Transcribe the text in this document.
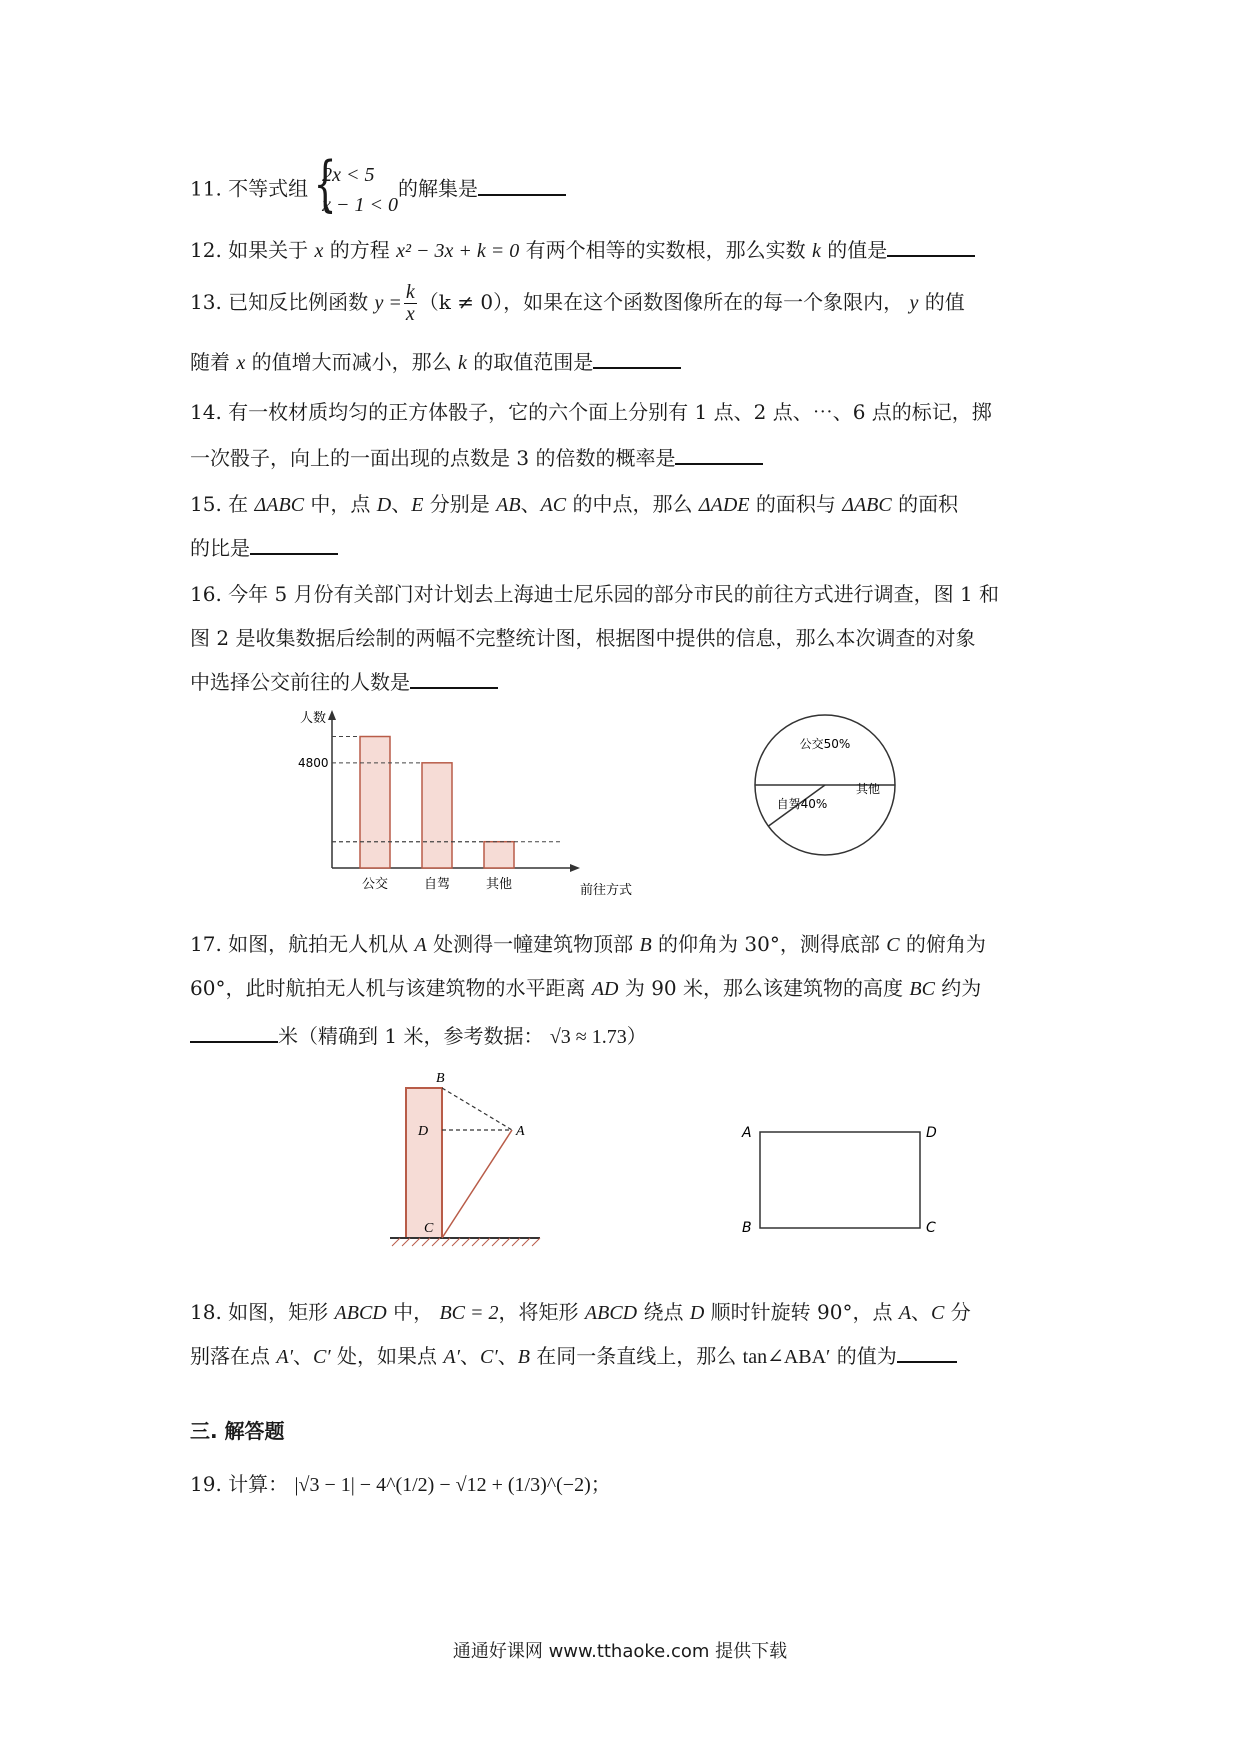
11. 不等式组 {
2x < 5
x − 1 < 0
的解集是
12. 如果关于 x 的方程 x² − 3x + k = 0 有两个相等的实数根，那么实数 k 的值是
13. 已知反比例函数 $y = \frac{k}{x} (k \ne 0)$，如果在这个函数图像所在的每一个象限内， y 的值
随着 x 的值增大而减小，那么 k 的取值范围是
14. 有一枚材质均匀的正方体骰子，它的六个面上分别有 1 点、2 点、⋯、6 点的标记，掷
一次骰子，向上的一面出现的点数是 3 的倍数的概率是
15. 在 ΔABC 中，点 D、E 分别是 AB、AC 的中点，那么 ΔADE 的面积与 ΔABC 的面积
的比是
16. 今年 5 月份有关部门对计划去上海迪士尼乐园的部分市民的前往方式进行调查，图 1 和
图 2 是收集数据后绘制的两幅不完整统计图，根据图中提供的信息，那么本次调查的对象
中选择公交前往的人数是
人数
前往方式
公交	自驾	其他
4800
公交50%
自驾40%
其他
17. 如图，航拍无人机从 A 处测得一幢建筑物顶部 B 的仰角为 30°，测得底部 C 的俯角为
60°，此时航拍无人机与该建筑物的水平距离 AD 为 90 米，那么该建筑物的高度 BC 约为
米（精确到 1 米，参考数据： √3 ≈ 1.73）
B
D	A
C
A	D
B	C
18. 如图，矩形 ABCD 中， BC = 2，将矩形 ABCD 绕点 D 顺时针旋转 90°，点 A、C 分
别落在点 A′、C′ 处，如果点 A′、C′、B 在同一条直线上，那么 tan∠ABA′ 的值为
三. 解答题
19. 计算： |√3 − 1| − 4^(1/2) − √12 + (1/3)^(−2)；
通通好课网 www.tthaoke.com 提供下载
